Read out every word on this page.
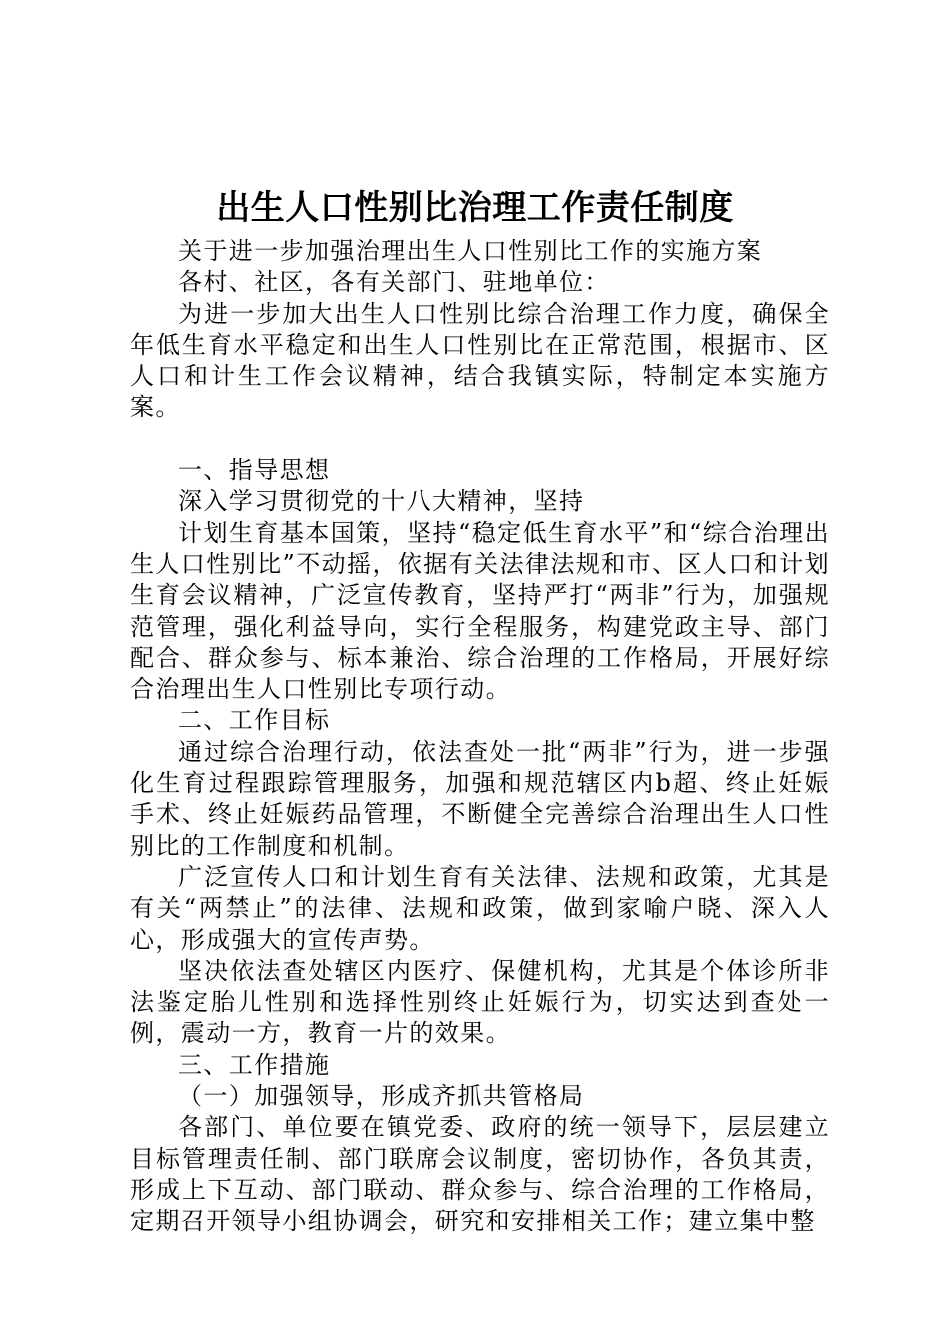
出生人口性别比治理工作责任制度

关于进一步加强治理出生人口性别比工作的实施方案

各村、社区，各有关部门、驻地单位：

为进一步加大出生人口性别比综合治理工作力度，确保全年低生育水平稳定和出生人口性别比在正常范围，根据市、区人口和计生工作会议精神，结合我镇实际，特制定本实施方案。

一、指导思想

深入学习贯彻党的十八大精神，坚持

计划生育基本国策，坚持“稳定低生育水平”和“综合治理出生人口性别比”不动摇，依据有关法律法规和市、区人口和计划生育会议精神，广泛宣传教育，坚持严打“两非”行为，加强规范管理，强化利益导向，实行全程服务，构建党政主导、部门配合、群众参与、标本兼治、综合治理的工作格局，开展好综合治理出生人口性别比专项行动。

二、工作目标

通过综合治理行动，依法查处一批“两非”行为，进一步强化生育过程跟踪管理服务，加强和规范辖区内b超、终止妊娠手术、终止妊娠药品管理，不断健全完善综合治理出生人口性别比的工作制度和机制。

广泛宣传人口和计划生育有关法律、法规和政策，尤其是有关“两禁止”的法律、法规和政策，做到家喻户晓、深入人心，形成强大的宣传声势。

坚决依法查处辖区内医疗、保健机构，尤其是个体诊所非法鉴定胎儿性别和选择性别终止妊娠行为，切实达到查处一例，震动一方，教育一片的效果。

三、工作措施

（一）加强领导，形成齐抓共管格局

各部门、单位要在镇党委、政府的统一领导下，层层建立目标管理责任制、部门联席会议制度，密切协作，各负其责，形成上下互动、部门联动、群众参与、综合治理的工作格局，定期召开领导小组协调会，研究和安排相关工作；建立集中整
